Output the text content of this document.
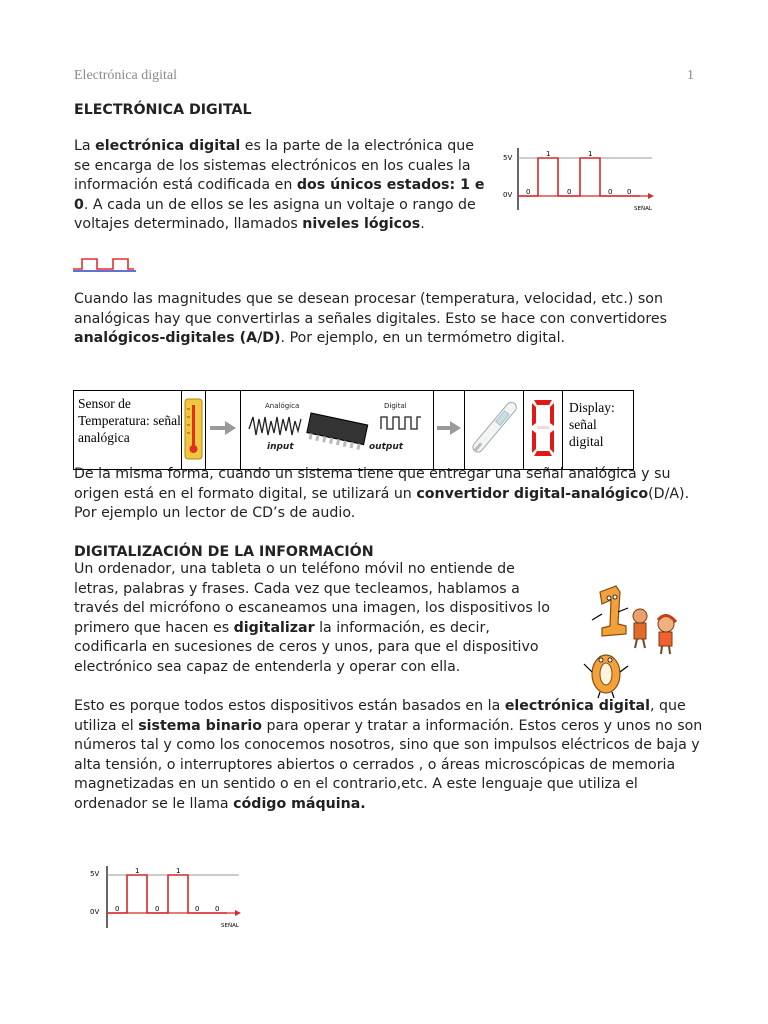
Electrónica digital	1
ELECTRÓNICA DIGITAL

La electrónica digital es la parte de la electrónica que se encarga de los sistemas electrónicos en los cuales la información está codificada en dos únicos estados: 1 e 0. A cada un de ellos se les asigna un voltaje o rango de voltajes determinado, llamados niveles lógicos.

5V
0V
1	1
0	0	0 0
SEÑAL

Cuando las magnitudes que se desean procesar (temperatura, velocidad, etc.) son analógicas hay que convertirlas a señales digitales. Esto se hace con convertidores analógicos-digitales (A/D). Por ejemplo, en un termómetro digital.

Sensor de Temperatura: señal analógica

Analógica	Digital
input	output

Display: señal digital

De la misma forma, cuando un sistema tiene que entregar una señal analógica y su origen está en el formato digital, se utilizará un convertidor digital-analógico(D/A). Por ejemplo un lector de CD’s de audio.

DIGITALIZACIÓN DE LA INFORMACIÓN

Un ordenador, una tableta o un teléfono móvil no entiende de letras, palabras y frases. Cada vez que tecleamos, hablamos a través del micrófono o escaneamos una imagen, los dispositivos lo primero que hacen es digitalizar la información, es decir, codificarla en sucesiones de ceros y unos, para que el dispositivo electrónico sea capaz de entenderla y operar con ella.

Esto es porque todos estos dispositivos están basados en la electrónica digital, que utiliza el sistema binario para operar y tratar a información. Estos ceros y unos no son números tal y como los conocemos nosotros, sino que son impulsos eléctricos de baja y alta tensión, o interruptores abiertos o cerrados , o áreas microscópicas de memoria magnetizadas en un sentido o en el contrario,etc. A este lenguaje que utiliza el ordenador se le llama código máquina.

5V
0V
1	1
0	0	0 0
SEÑAL
